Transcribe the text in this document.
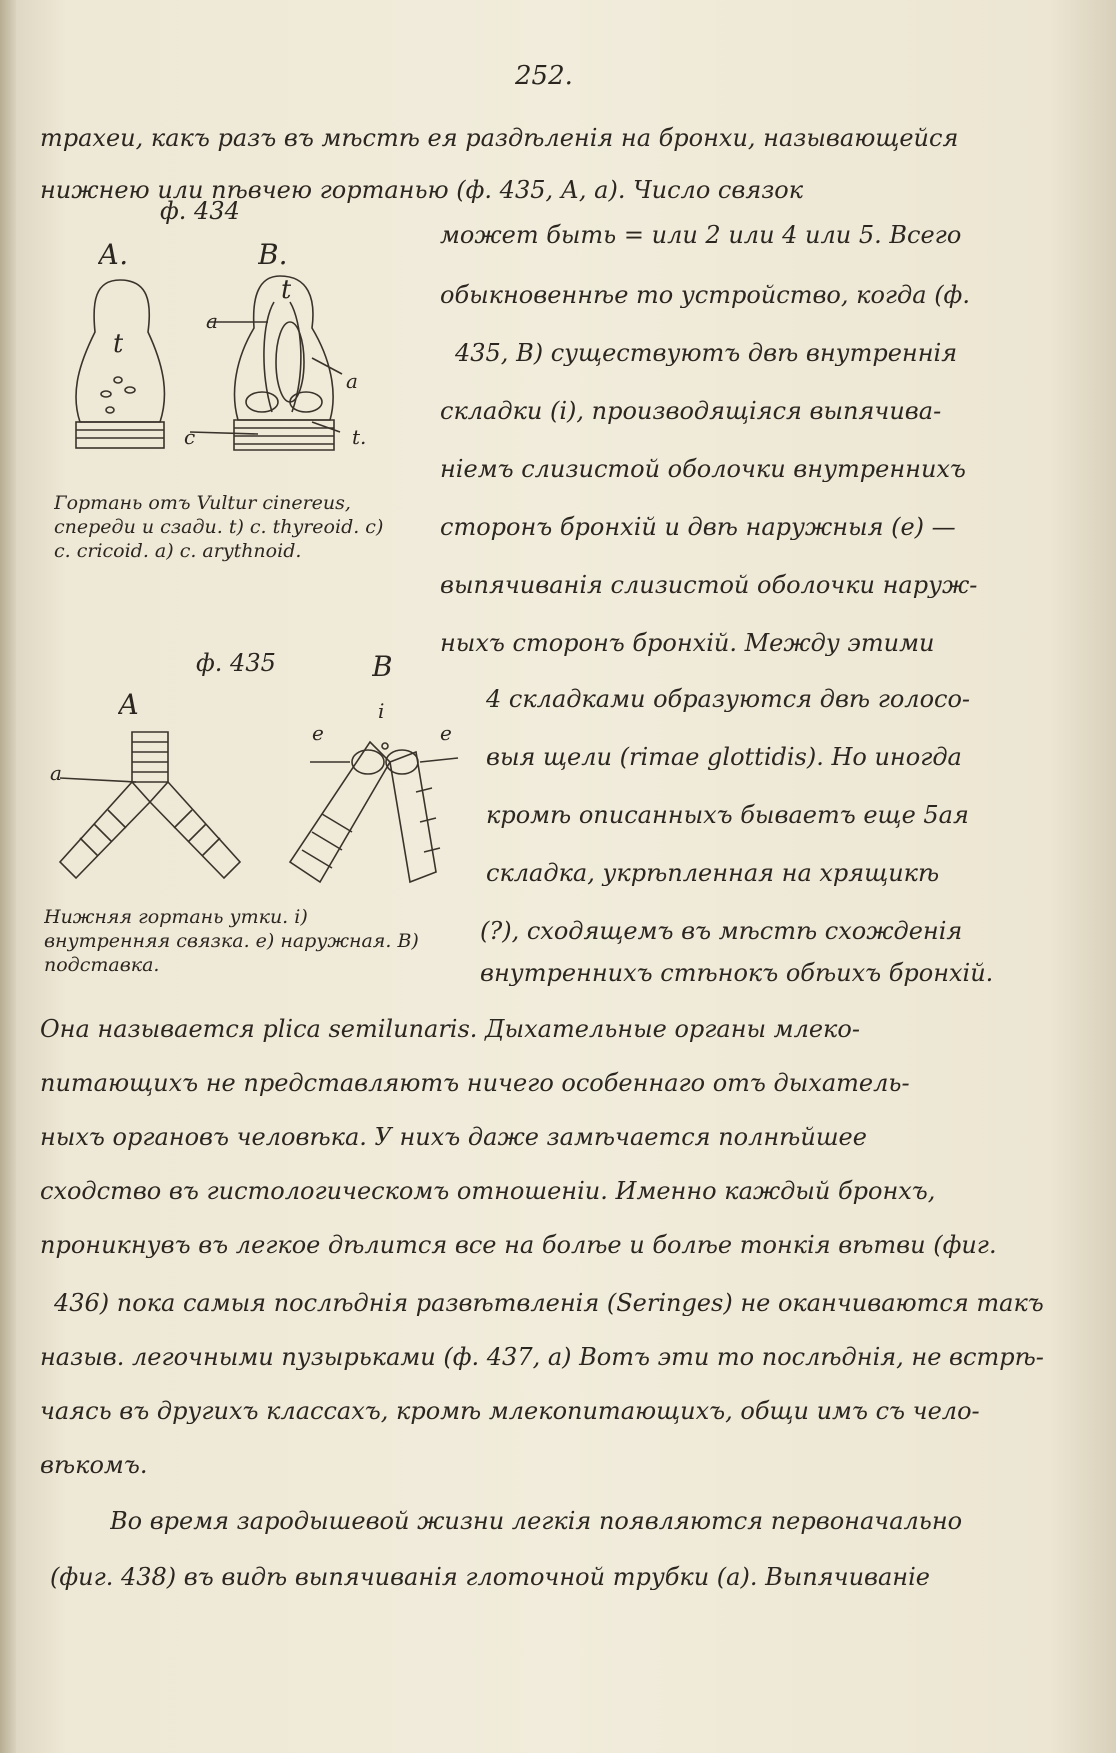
252.
трахеи, какъ разъ въ мѣстѣ ея раздѣленія на бронхи, называющейся нижнею или пѣвчею гортанью (ф. 435, А, а). Число связок
ф. 434
А.	В.
t
t
a
a
c	t.
Гортань отъ Vultur cinereus, спереди и сзади. t) c. thyreoid. c) c. cricoid. a) c. arythnoid.
может быть = или 2 или 4 или 5. Всего
обыкновеннѣе то устройство, когда (ф.
435, В) существуютъ двѣ внутреннія
складки (і), производящіяся выпячива-
ніемъ слизистой оболочки внутреннихъ
сторонъ бронхій и двѣ наружныя (е) —
выпячиванія слизистой оболочки наруж-
ныхъ сторонъ бронхій. Между этими
ф. 435
А
В
a
i
e	e
Нижняя гортань утки. i) внутренняя связка. e) наружная. В) подставка.
4 складками образуются двѣ голосо-
выя щели (rimae glottidis). Но иногда
кромѣ описанныхъ бываетъ еще 5ая
складка, укрѣпленная на хрящикѣ
(?), сходящемъ въ мѣстѣ схожденія
внутреннихъ стѣнокъ обѣихъ бронхій.
Она называется plica semilunaris. Дыхательные органы млеко-
питающихъ не представляютъ ничего особеннаго отъ дыхатель-
ныхъ органовъ человѣка. У нихъ даже замѣчается полнѣйшее
сходство въ гистологическомъ отношеніи. Именно каждый бронхъ,
проникнувъ въ легкое дѣлится все на болѣе и болѣе тонкія вѣтви (фиг.
436) пока самыя послѣднія развѣтвленія (Seringes) не оканчиваются такъ
назыв. легочными пузырьками (ф. 437, а) Вотъ эти то послѣднія, не встрѣ-
чаясь въ другихъ классахъ, кромѣ млекопитающихъ, общи имъ съ чело-
вѣкомъ.
Во время зародышевой жизни легкія появляются первоначально
(фиг. 438) въ видѣ выпячиванія глоточной трубки (а). Выпячиваніе
